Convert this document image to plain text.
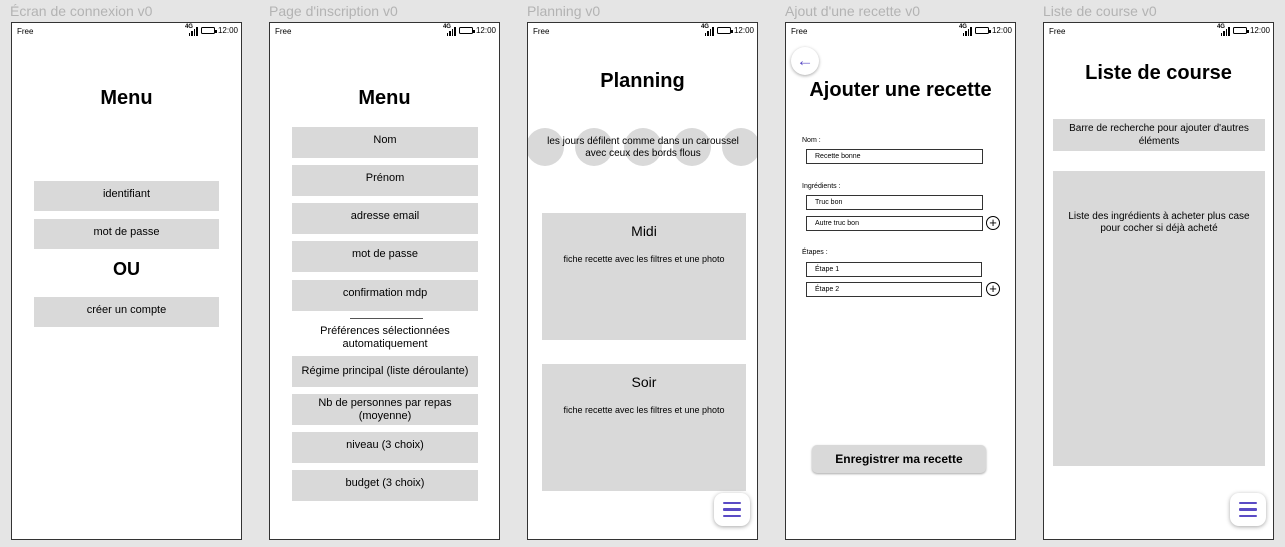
Écran de connexion v0
Free	4G	12:00
Menu
identifiant
mot de passe
OU
créer un compte
Page d'inscription v0
Free	4G	12:00
Menu
Nom
Prénom
adresse email
mot de passe
confirmation mdp
Préférences sélectionnées automatiquement
Régime principal (liste déroulante)
Nb de personnes par repas (moyenne)
niveau (3 choix)
budget (3 choix)
Planning v0
Free	4G	12:00
Planning
les jours défilent comme dans un caroussel avec ceux des bords flous
Midi
fiche recette avec les filtres et une photo
Soir
fiche recette avec les filtres et une photo
Ajout d'une recette v0
Free	4G	12:00
←
Ajouter une recette
Nom :
Recette bonne
Ingrédients :
Truc bon
Autre truc bon	+
Étapes :
Étape 1
Étape 2	+
Enregistrer ma recette
Liste de course v0
Free	4G	12:00
Liste de course
Barre de recherche pour ajouter d'autres éléments
Liste des ingrédients à acheter plus case pour cocher si déjà acheté
